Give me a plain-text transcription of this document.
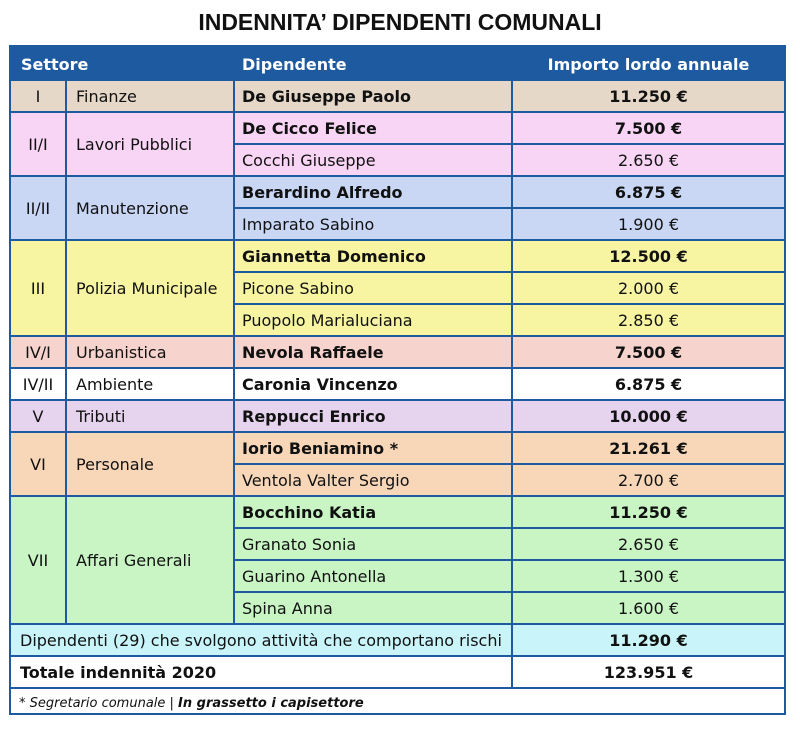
INDENNITA’ DIPENDENTI COMUNALI
Settore		Dipendente	Importo lordo annuale
I	Finanze	De Giuseppe Paolo	11.250 €
II/I	Lavori Pubblici	De Cicco Felice	7.500 €
		Cocchi Giuseppe	2.650 €
II/II	Manutenzione	Berardino Alfredo	6.875 €
		Imparato Sabino	1.900 €
III	Polizia Municipale	Giannetta Domenico	12.500 €
		Picone Sabino	2.000 €
		Puopolo Marialuciana	2.850 €
IV/I	Urbanistica	Nevola Raffaele	7.500 €
IV/II	Ambiente	Caronia Vincenzo	6.875 €
V	Tributi	Reppucci Enrico	10.000 €
VI	Personale	Iorio Beniamino *	21.261 €
		Ventola Valter Sergio	2.700 €
VII	Affari Generali	Bocchino Katia	11.250 €
		Granato Sonia	2.650 €
		Guarino Antonella	1.300 €
		Spina Anna	1.600 €
Dipendenti (29) che svolgono attività che comportano rischi			11.290 €
Totale indennità 2020			123.951 €
* Segretario comunale | In grassetto i capisettore			
